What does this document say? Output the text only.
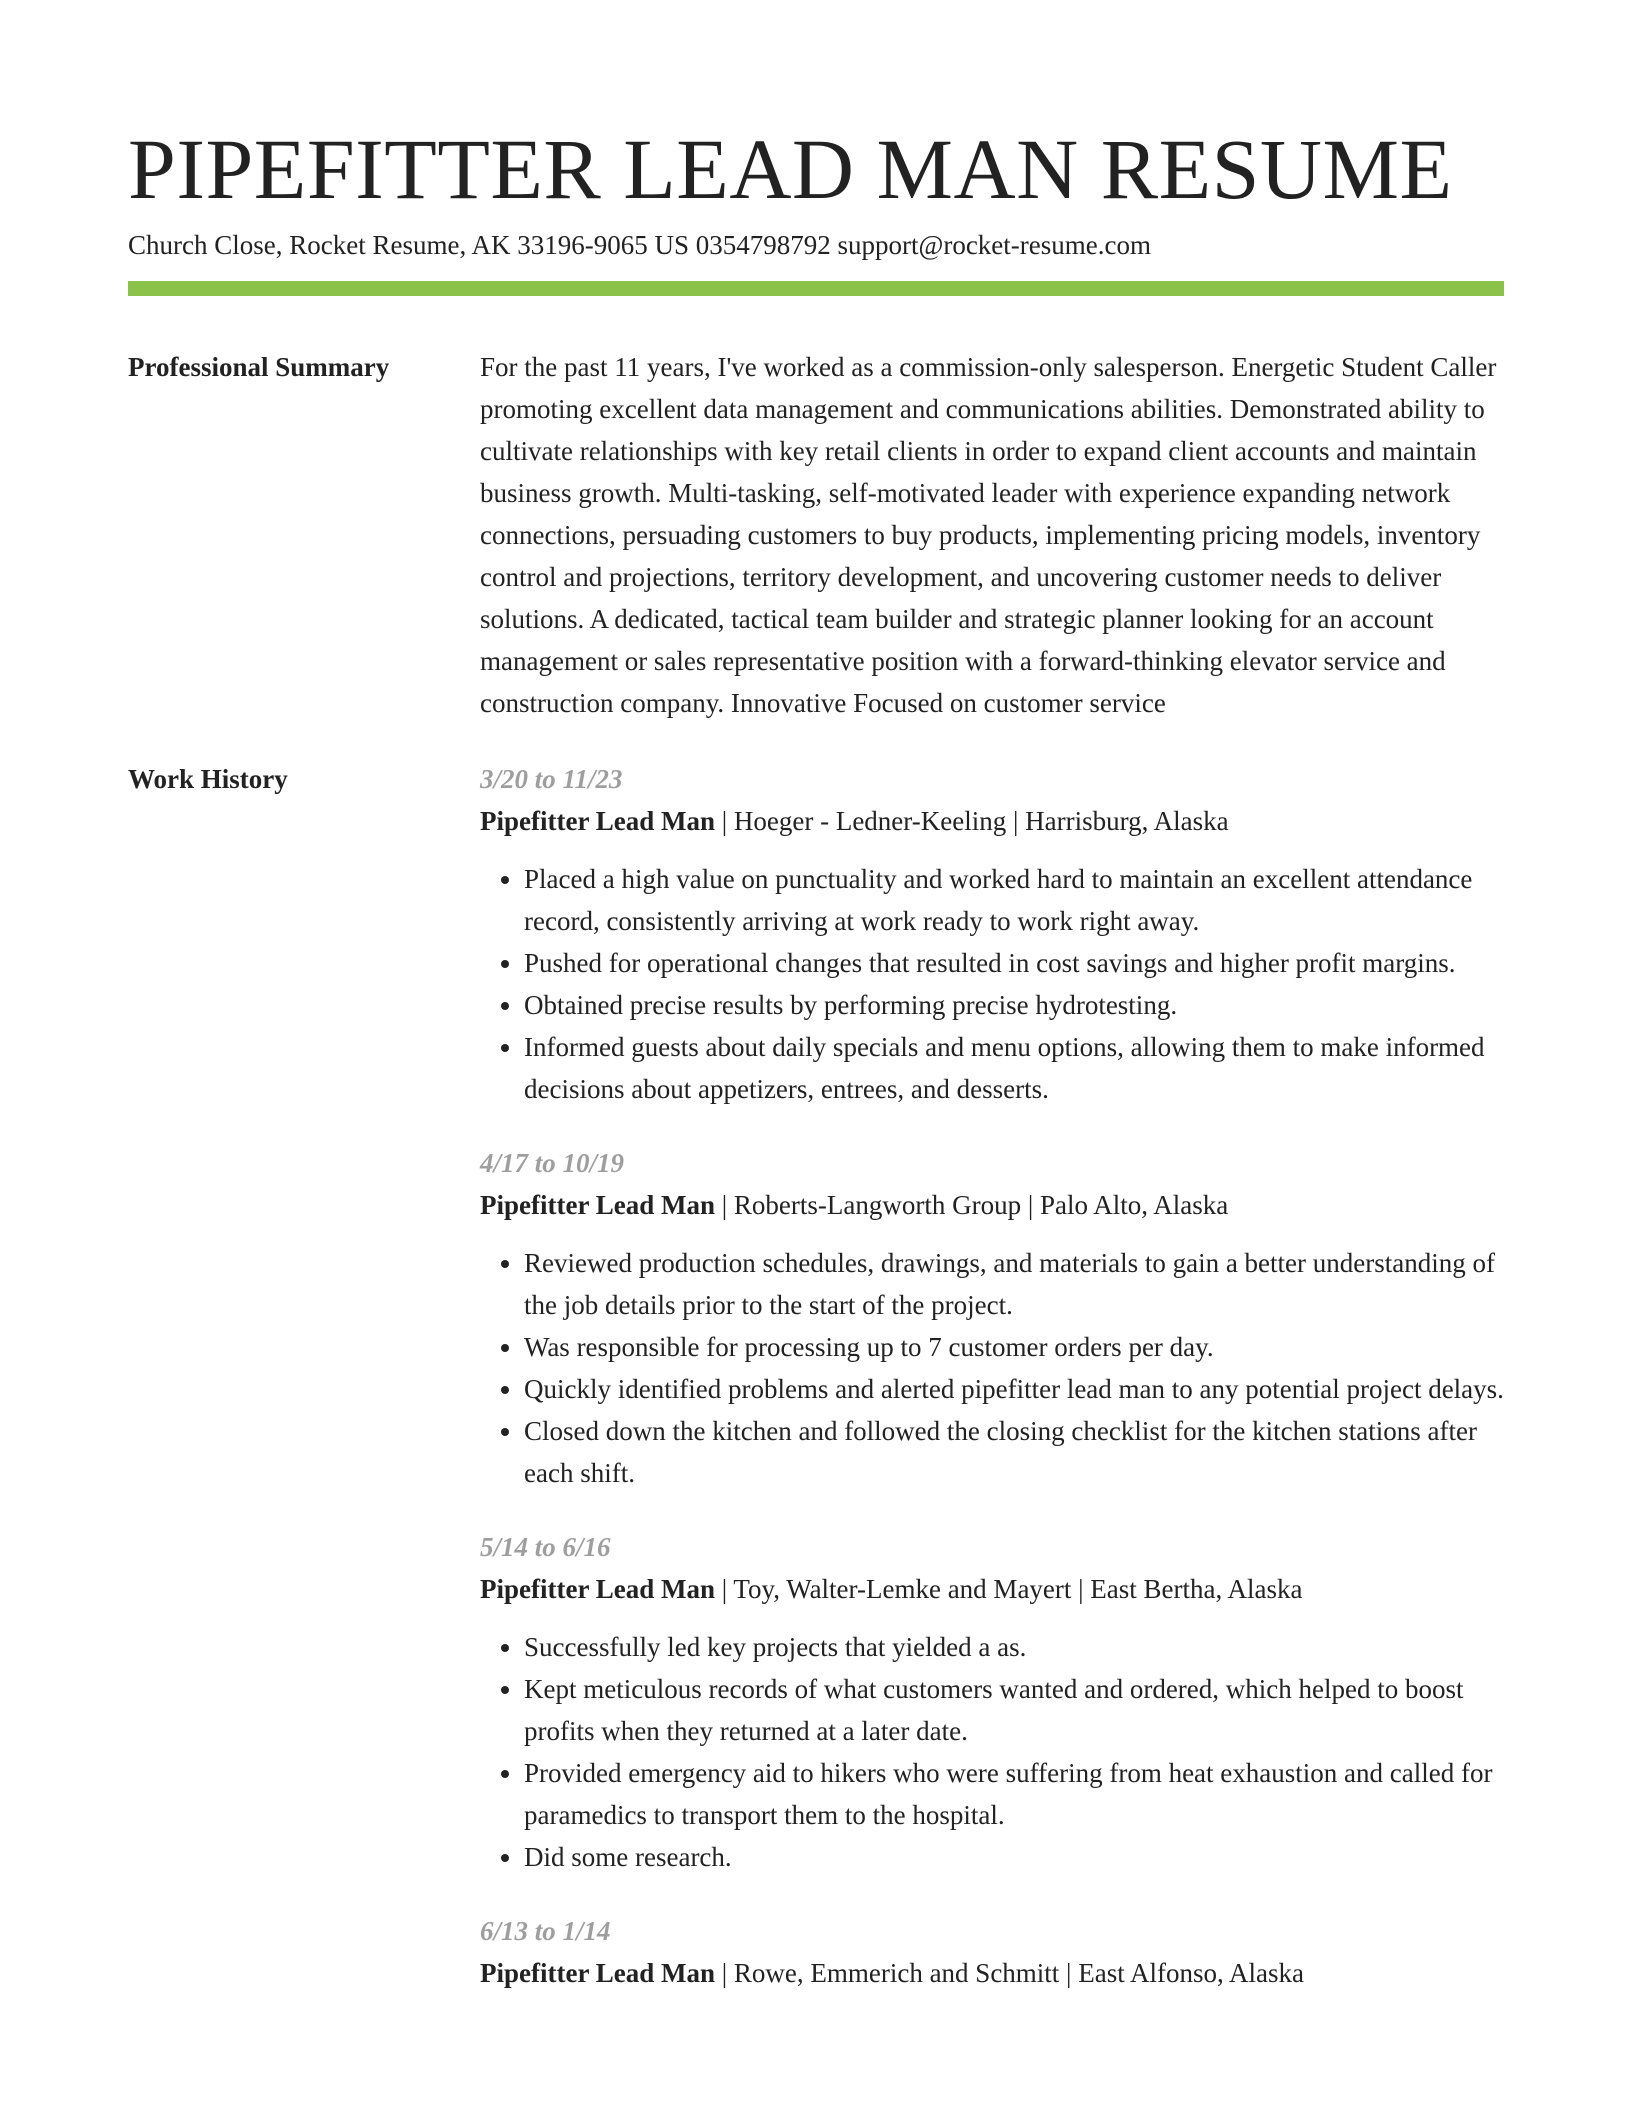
PIPEFITTER LEAD MAN RESUME
Church Close, Rocket Resume, AK 33196-9065 US 0354798792 support@rocket-resume.com
Professional Summary	For the past 11 years, I've worked as a commission-only salesperson. Energetic Student Caller promoting excellent data management and communications abilities. Demonstrated ability to cultivate relationships with key retail clients in order to expand client accounts and maintain business growth. Multi-tasking, self-motivated leader with experience expanding network connections, persuading customers to buy products, implementing pricing models, inventory control and projections, territory development, and uncovering customer needs to deliver solutions. A dedicated, tactical team builder and strategic planner looking for an account management or sales representative position with a forward-thinking elevator service and construction company. Innovative Focused on customer service
Work History	3/20 to 11/23
Pipefitter Lead Man | Hoeger - Ledner-Keeling | Harrisburg, Alaska
• Placed a high value on punctuality and worked hard to maintain an excellent attendance record, consistently arriving at work ready to work right away.
• Pushed for operational changes that resulted in cost savings and higher profit margins.
• Obtained precise results by performing precise hydrotesting.
• Informed guests about daily specials and menu options, allowing them to make informed decisions about appetizers, entrees, and desserts.
4/17 to 10/19
Pipefitter Lead Man | Roberts-Langworth Group | Palo Alto, Alaska
• Reviewed production schedules, drawings, and materials to gain a better understanding of the job details prior to the start of the project.
• Was responsible for processing up to 7 customer orders per day.
• Quickly identified problems and alerted pipefitter lead man to any potential project delays.
• Closed down the kitchen and followed the closing checklist for the kitchen stations after each shift.
5/14 to 6/16
Pipefitter Lead Man | Toy, Walter-Lemke and Mayert | East Bertha, Alaska
• Successfully led key projects that yielded a as.
• Kept meticulous records of what customers wanted and ordered, which helped to boost profits when they returned at a later date.
• Provided emergency aid to hikers who were suffering from heat exhaustion and called for paramedics to transport them to the hospital.
• Did some research.
6/13 to 1/14
Pipefitter Lead Man | Rowe, Emmerich and Schmitt | East Alfonso, Alaska
